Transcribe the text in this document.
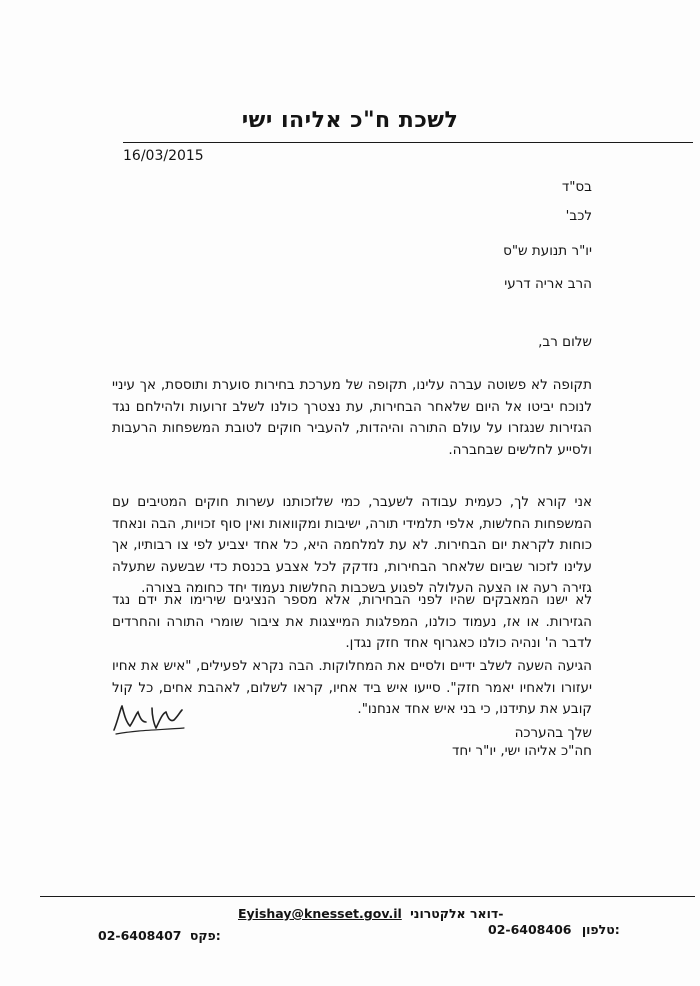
לשכת ח"כ אליהו ישי
16/03/2015
בס"ד
לכב'
יו"ר תנועת ש"ס
הרב אריה דרעי
שלום רב,
תקופה לא פשוטה עברה עלינו, תקופה של מערכת בחירות סוערת ותוססת, אך עיניי לנוכח יביטו אל היום שלאחר הבחירות, עת נצטרך כולנו לשלב זרועות ולהילחם נגד הגזירות שנגזרו על עולם התורה והיהדות, להעביר חוקים לטובת המשפחות הרעבות ולסייע לחלשים שבחברה.
אני קורא לך, כעמית עבודה לשעבר, כמי שלזכותנו עשרות חוקים המטיבים עם המשפחות החלשות, אלפי תלמידי תורה, ישיבות ומקוואות ואין סוף זכויות, הבה ונאחד כוחות לקראת יום הבחירות. לא עת למלחמה היא, כל אחד יצביע לפי צו רבותיו, אך עלינו לזכור שביום שלאחר הבחירות, נזדקק לכל אצבע בכנסת כדי שבשעה שתעלה גזירה רעה או הצעה העלולה לפגוע בשכבות החלשות נעמוד יחד כחומה בצורה.
לא ישנו המאבקים שהיו לפני הבחירות, אלא מספר הנציגים שירימו את ידם נגד הגזירות. או אז, נעמוד כולנו, המפלגות המייצגות את ציבור שומרי התורה והחרדים לדבר ה' ונהיה כולנו כאגרוף אחד חזק נגדן.
הגיעה השעה לשלב ידיים ולסיים את המחלוקות. הבה נקרא לפעילים, "איש את אחיו יעזורו ולאחיו יאמר חזק". סייעו איש ביד אחיו, קראו לשלום, לאהבת אחים, כל קול קובע את עתידנו, כי בני איש אחד אנחנו".
שלך בהערכה
חה"כ אליהו ישי, יו"ר יחד
Eyishay@knesset.gov.il דואר אלקטרוני-
02-6408406 טלפון:
02-6408407 פקס:
